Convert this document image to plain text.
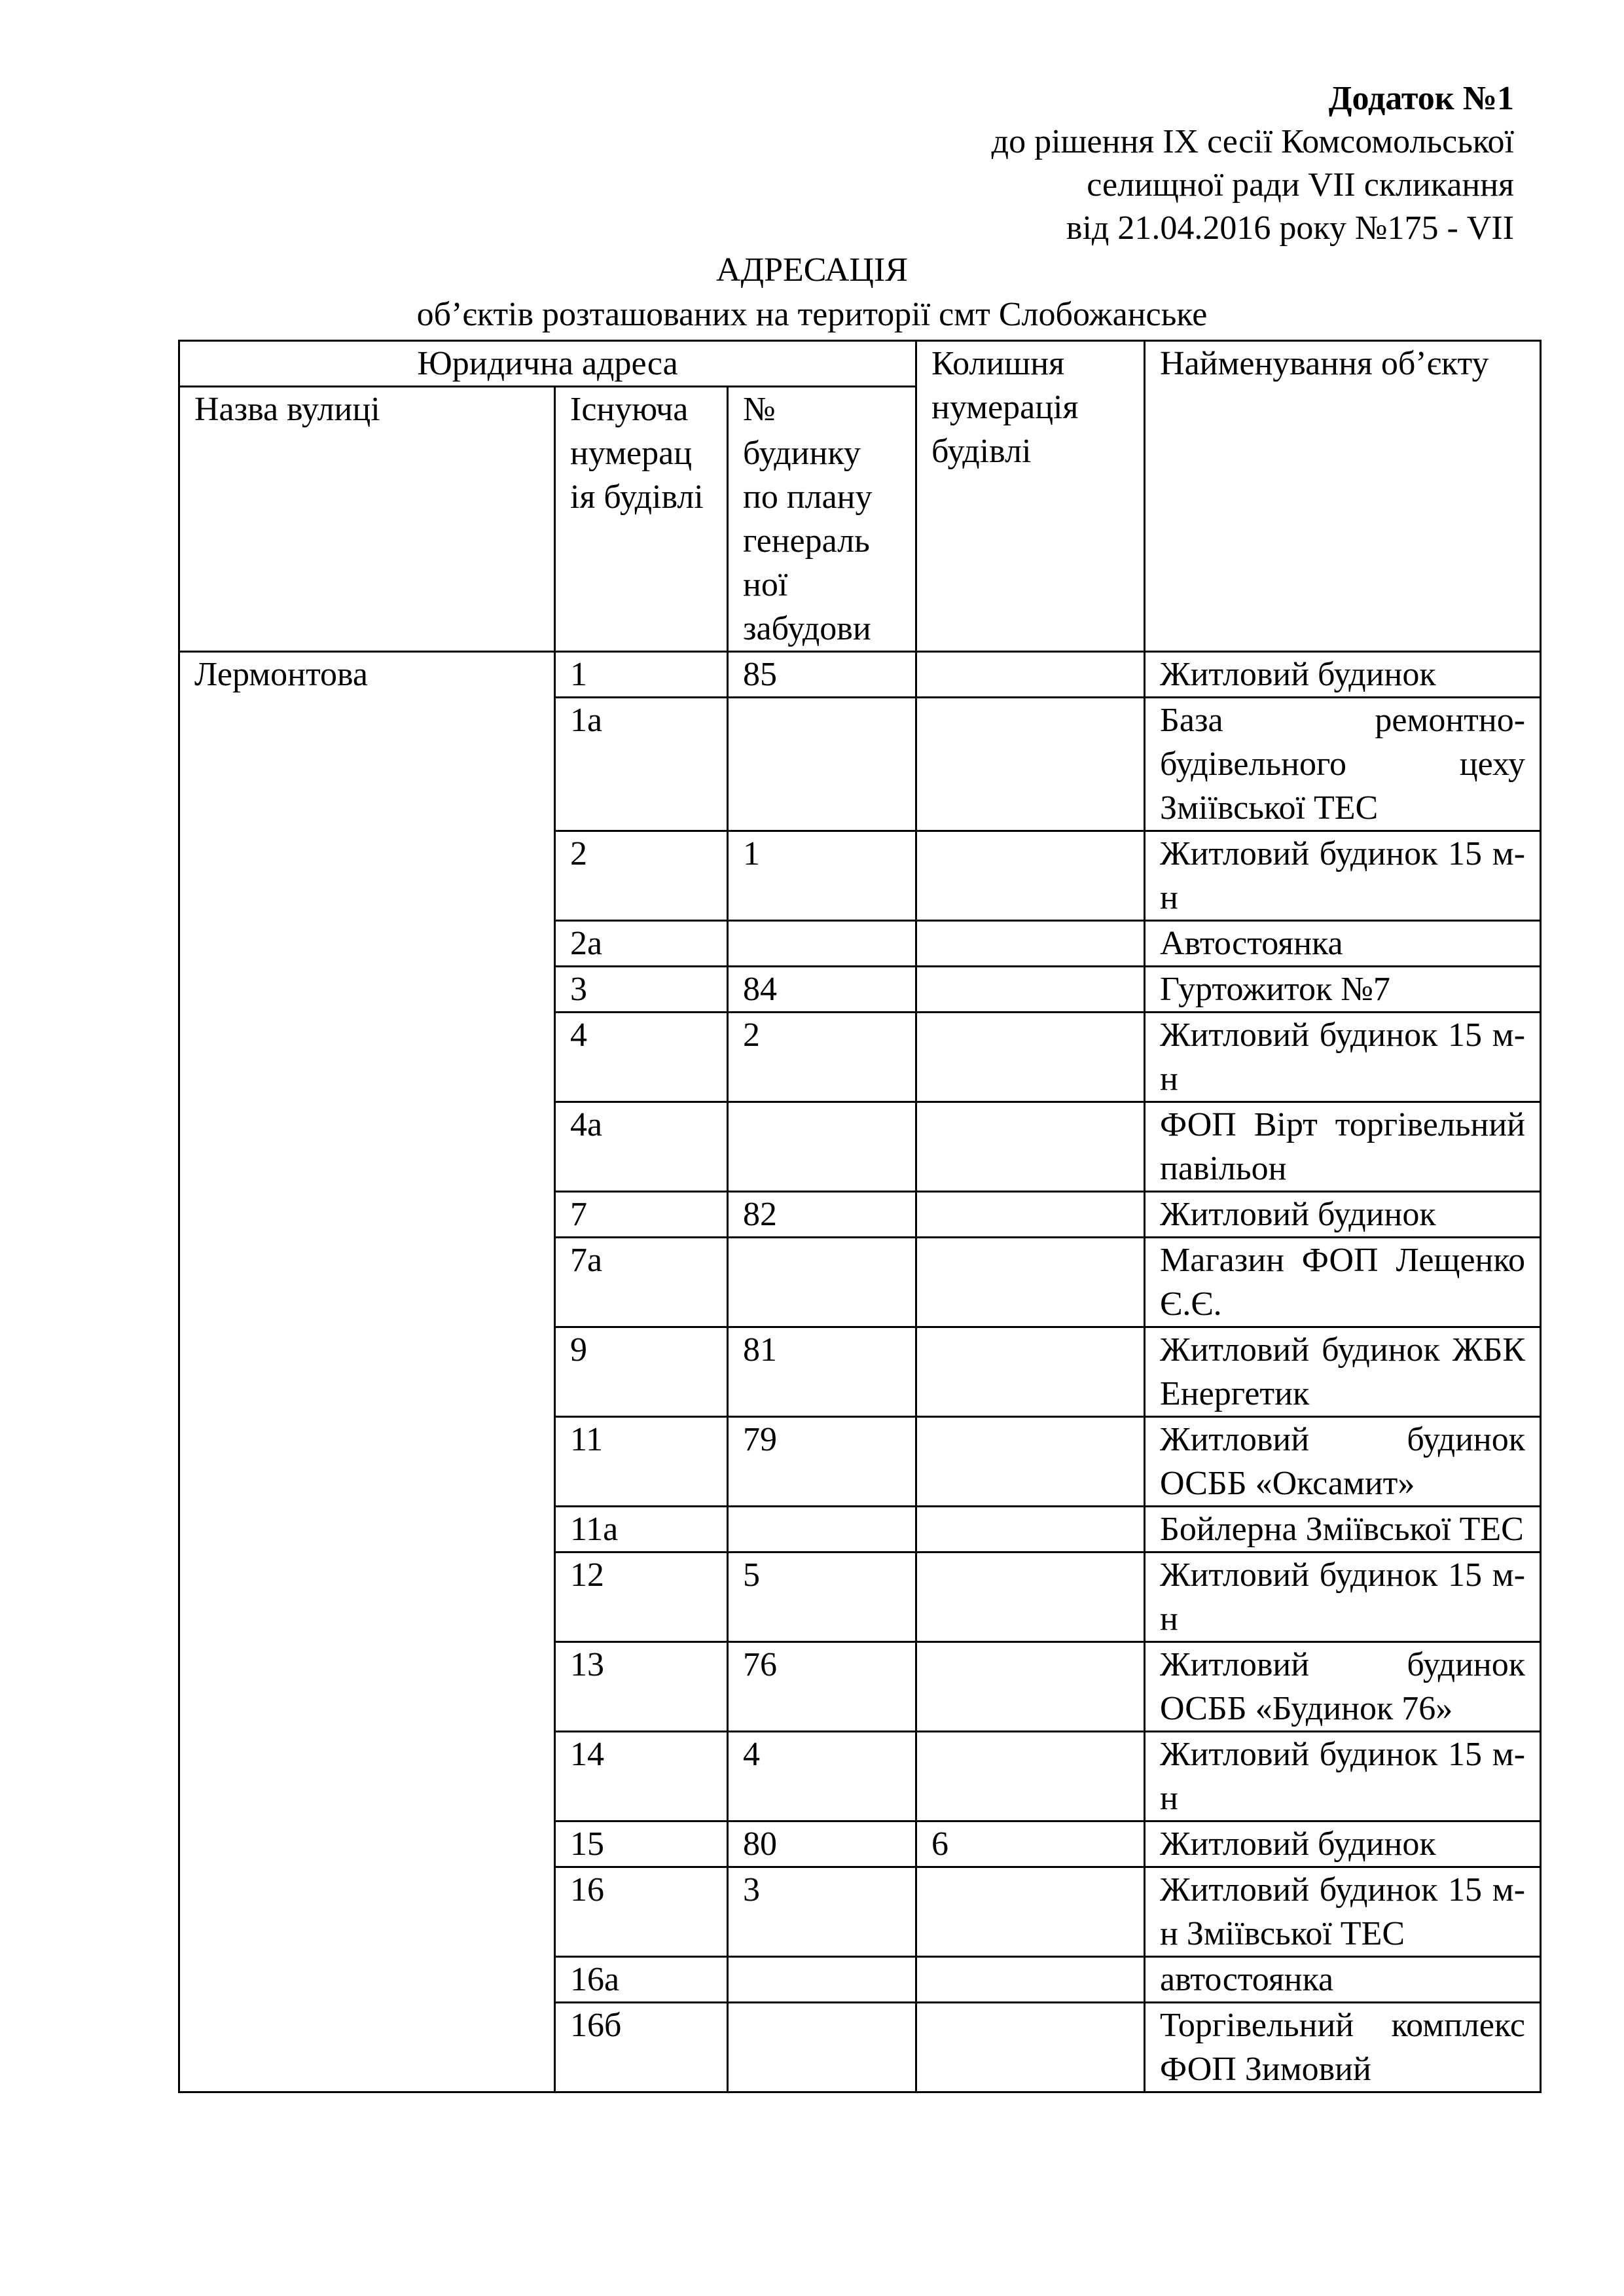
Додаток №1
до рішення IX сесії Комсомольської
селищної ради VII скликання
від 21.04.2016 року №175 - VII
АДРЕСАЦІЯ
об’єктів розташованих на території смт Слобожанське
Юридична адреса			Колишня нумерація будівлі	Найменування об’єкту
Назва вулиці	Існуюча нумерац ія будівлі	№ будинку по плану генераль ної забудови		
Лермонтова	1	85		Житловий будинок
	1а			База ремонтно-будівельного цеху Зміївської ТЕС
	2	1		Житловий будинок 15 м-н
	2а			Автостоянка
	3	84		Гуртожиток №7
	4	2		Житловий будинок 15 м-н
	4а			ФОП Вірт торгівельний павільон
	7	82		Житловий будинок
	7а			Магазин ФОП Лещенко Є.Є.
	9	81		Житловий будинок ЖБК Енергетик
	11	79		Житловий будинок ОСББ «Оксамит»
	11а			Бойлерна Зміївської ТЕС
	12	5		Житловий будинок 15 м-н
	13	76		Житловий будинок ОСББ «Будинок 76»
	14	4		Житловий будинок 15 м-н
	15	80	6	Житловий будинок
	16	3		Житловий будинок 15 м-н Зміївської ТЕС
	16а			автостоянка
	16б			Торгівельний комплекс ФОП Зимовий
